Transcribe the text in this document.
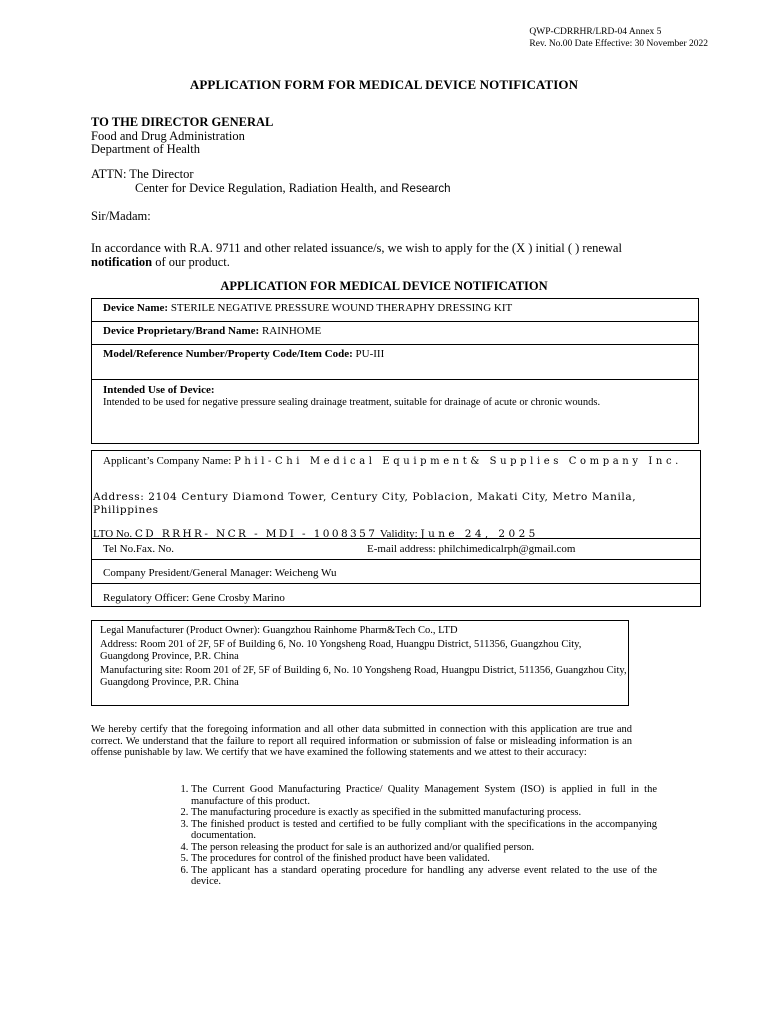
QWP-CDRRHR/LRD-04 Annex 5
Rev. No.00 Date Effective: 30 November 2022
APPLICATION FORM FOR MEDICAL DEVICE NOTIFICATION
TO THE DIRECTOR GENERAL
Food and Drug Administration
Department of Health
ATTN: The Director
Center for Device Regulation, Radiation Health, and Research
Sir/Madam:
In accordance with R.A. 9711 and other related issuance/s, we wish to apply for the (X ) initial ( ) renewal
notification of our product.
APPLICATION FOR MEDICAL DEVICE NOTIFICATION
Device Name: STERILE NEGATIVE PRESSURE WOUND THERAPHY DRESSING KIT
Device Proprietary/Brand Name: RAINHOME
Model/Reference Number/Property Code/Item Code: PU-III
Intended Use of Device:
Intended to be used for negative pressure sealing drainage treatment, suitable for drainage of acute or chronic wounds.
Applicant’s Company Name: Phil-Chi Medical Equipment& Supplies Company Inc.
Address: 2104 Century Diamond Tower, Century City, Poblacion, Makati City, Metro Manila, Philippines
LTO No. CD RRHR- NCR - MDI - 1008357 Validity: June 24, 2025
Tel No.Fax. No.	E-mail address: philchimedicalrph@gmail.com
Company President/General Manager: Weicheng Wu
Regulatory Officer: Gene Crosby Marino
Legal Manufacturer (Product Owner): Guangzhou Rainhome Pharm&Tech Co., LTD
Address: Room 201 of 2F, 5F of Building 6, No. 10 Yongsheng Road, Huangpu District, 511356, Guangzhou City, Guangdong Province, P.R. China
Manufacturing site: Room 201 of 2F, 5F of Building 6, No. 10 Yongsheng Road, Huangpu District, 511356, Guangzhou City, Guangdong Province, P.R. China
We hereby certify that the foregoing information and all other data submitted in connection with this application are true and correct. We understand that the failure to report all required information or submission of false or misleading information is an offense punishable by law. We certify that we have examined the following statements and we attest to their accuracy:
1. The Current Good Manufacturing Practice/ Quality Management System (ISO) is applied in full in the manufacture of this product.
2. The manufacturing procedure is exactly as specified in the submitted manufacturing process.
3. The finished product is tested and certified to be fully compliant with the specifications in the accompanying documentation.
4. The person releasing the product for sale is an authorized and/or qualified person.
5. The procedures for control of the finished product have been validated.
6. The applicant has a standard operating procedure for handling any adverse event related to the use of the device.
